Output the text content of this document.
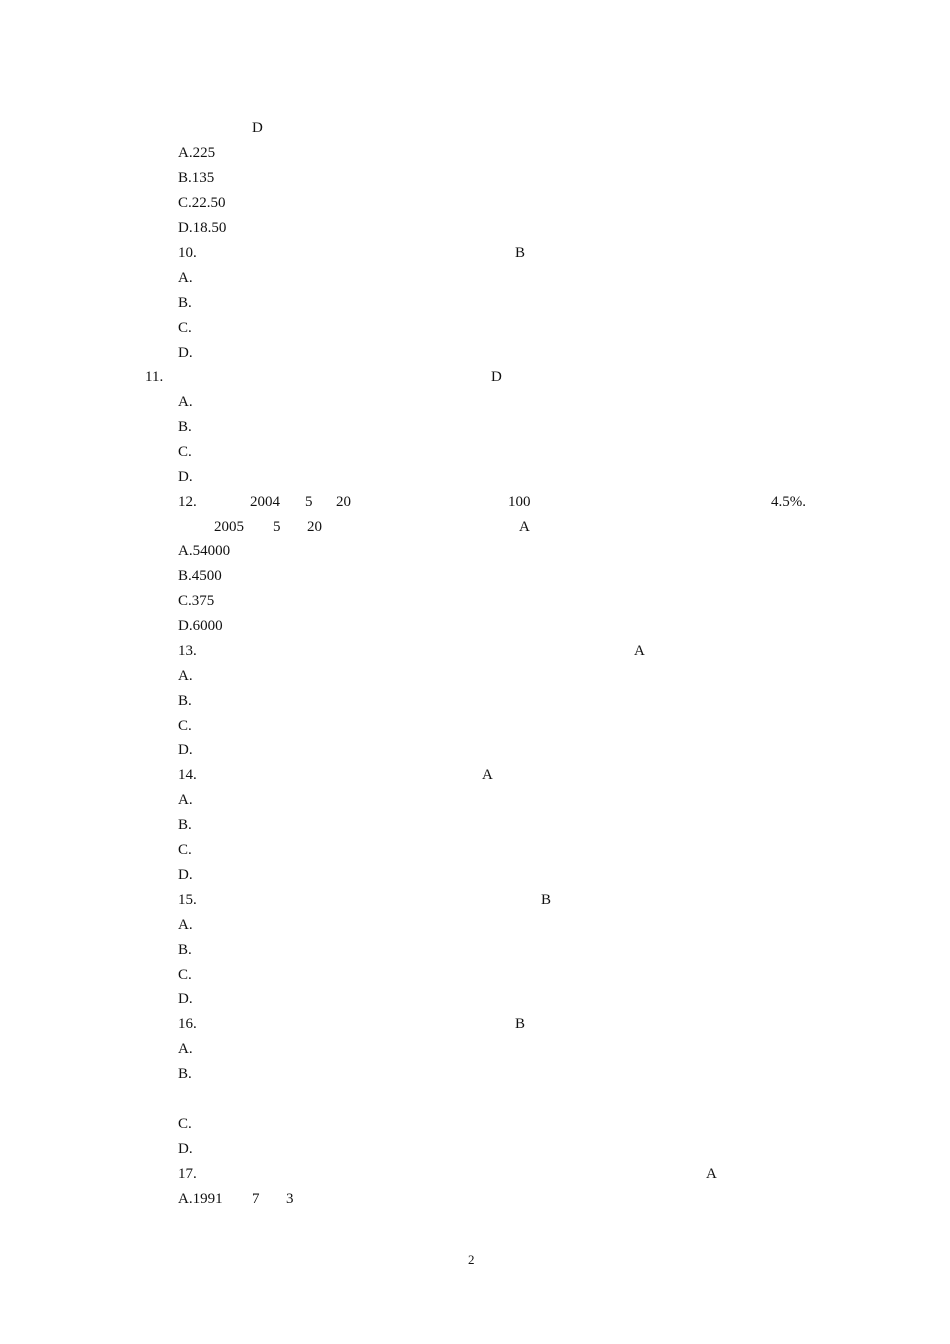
D
A.225
B.135
C.22.50
D.18.50
10.	B
A.
B.
C.
D.
11.	D
A.
B.
C.
D.
12.	2004 5 20	100	4.5%.
2005 5 20	A
A.54000
B.4500
C.375
D.6000
13.	A
A.
B.
C.
D.
14.	A
A.
B.
C.
D.
15.	B
A.
B.
C.
D.
16.	B
A.
B.
C.
D.
17.	A
A.1991 7 3
2
